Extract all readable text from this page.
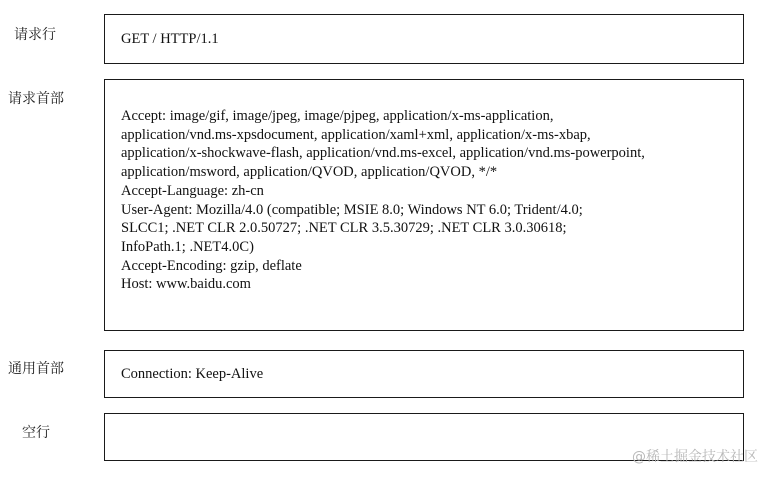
请求行	GET / HTTP/1.1
请求首部
Accept: image/gif, image/jpeg, image/pjpeg, application/x-ms-application,
application/vnd.ms-xpsdocument, application/xaml+xml, application/x-ms-xbap,
application/x-shockwave-flash, application/vnd.ms-excel, application/vnd.ms-powerpoint,
application/msword, application/QVOD, application/QVOD, */*
Accept-Language: zh-cn
User-Agent: Mozilla/4.0 (compatible; MSIE 8.0; Windows NT 6.0; Trident/4.0;
SLCC1; .NET CLR 2.0.50727; .NET CLR 3.5.30729; .NET CLR 3.0.30618;
InfoPath.1; .NET4.0C)
Accept-Encoding: gzip, deflate
Host: www.baidu.com
通用首部	Connection: Keep-Alive
空行
@稀土掘金技术社区
